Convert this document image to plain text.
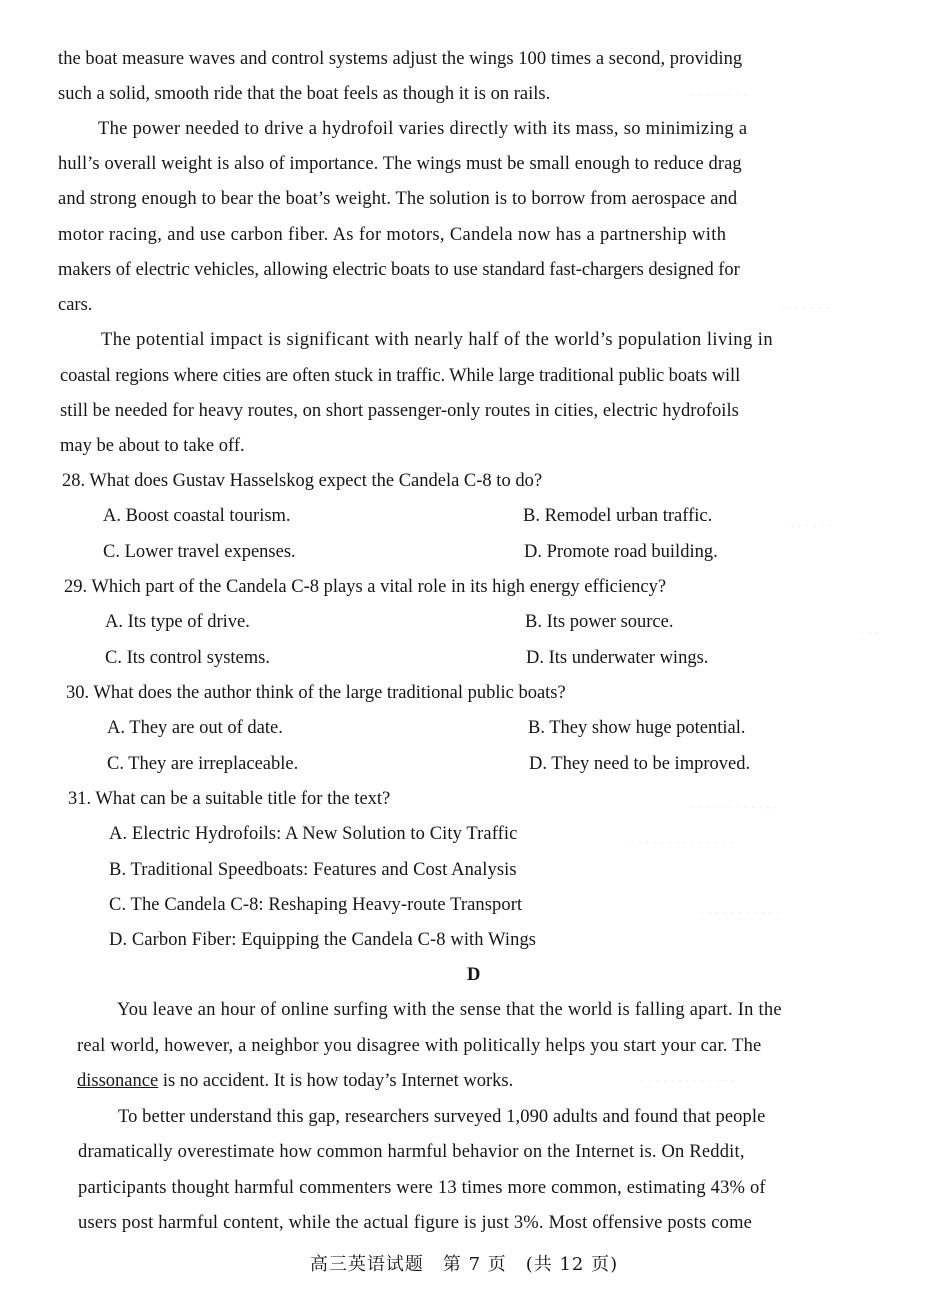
· · · · · · · ·
· · · · · · ·
· · · · · ·
· · ·
· · · · · · · · · · · ·
· · · · · · · · · · · · · ·
· · · · · · · · · · ·
· · · · · · · · · · · · ·
the boat measure waves and control systems adjust the wings 100 times a second, providing
such a solid, smooth ride that the boat feels as though it is on rails.
The power needed to drive a hydrofoil varies directly with its mass, so minimizing a
hull’s overall weight is also of importance. The wings must be small enough to reduce drag
and strong enough to bear the boat’s weight. The solution is to borrow from aerospace and
motor racing, and use carbon fiber. As for motors, Candela now has a partnership with
makers of electric vehicles, allowing electric boats to use standard fast-chargers designed for
cars.
The potential impact is significant with nearly half of the world’s population living in
coastal regions where cities are often stuck in traffic. While large traditional public boats will
still be needed for heavy routes, on short passenger-only routes in cities, electric hydrofoils
may be about to take off.
28. What does Gustav Hasselskog expect the Candela C-8 to do?
A. Boost coastal tourism.	B. Remodel urban traffic.
C. Lower travel expenses.	D. Promote road building.
29. Which part of the Candela C-8 plays a vital role in its high energy efficiency?
A. Its type of drive.	B. Its power source.
C. Its control systems.	D. Its underwater wings.
30. What does the author think of the large traditional public boats?
A. They are out of date.	B. They show huge potential.
C. They are irreplaceable.	D. They need to be improved.
31. What can be a suitable title for the text?
A. Electric Hydrofoils: A New Solution to City Traffic
B. Traditional Speedboats: Features and Cost Analysis
C. The Candela C-8: Reshaping Heavy-route Transport
D. Carbon Fiber: Equipping the Candela C-8 with Wings
D
You leave an hour of online surfing with the sense that the world is falling apart. In the
real world, however, a neighbor you disagree with politically helps you start your car. The
dissonance is no accident. It is how today’s Internet works.
To better understand this gap, researchers surveyed 1,090 adults and found that people
dramatically overestimate how common harmful behavior on the Internet is. On Reddit,
participants thought harmful commenters were 13 times more common, estimating 43% of
users post harmful content, while the actual figure is just 3%. Most offensive posts come
高三英语试题　第 7 页　(共 12 页)
